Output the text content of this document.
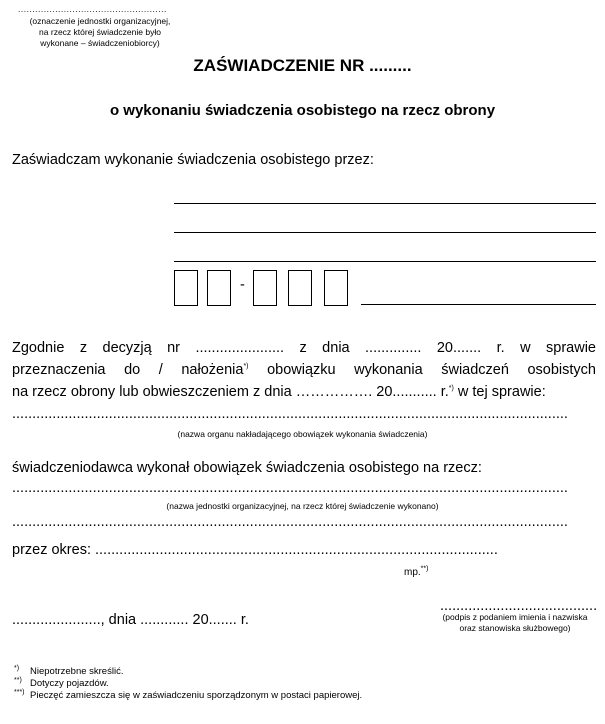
....................................................
(oznaczenie jednostki organizacyjnej,
na rzecz której świadczenie było
wykonane – świadczeniobiorcy)
ZAŚWIADCZENIE NR .........
o wykonaniu świadczenia osobistego na rzecz obrony
Zaświadczam wykonanie świadczenia osobistego przez:
-
Zgodnie z decyzją nr ...................... z dnia .............. 20....... r. w sprawie
przeznaczenia do / nałożenia*) obowiązku wykonania świadczeń osobistych
na rzecz obrony lub obwieszczeniem z dnia ……………. 20........... r.*) w tej sprawie:
..........................................................................................................................................
(nazwa organu nakładającego obowiązek wykonania świadczenia)
świadczeniodawca wykonał obowiązek świadczenia osobistego na rzecz:
..........................................................................................................................................
(nazwa jednostki organizacyjnej, na rzecz której świadczenie wykonano)
..........................................................................................................................................
przez okres: ....................................................................................................
mp.**)
......................, dnia ............ 20....... r.
.......................................
(podpis z podaniem imienia i nazwiska
oraz stanowiska służbowego)
*) Niepotrzebne skreślić.
**) Dotyczy pojazdów.
***) Pieczęć zamieszcza się w zaświadczeniu sporządzonym w postaci papierowej.
